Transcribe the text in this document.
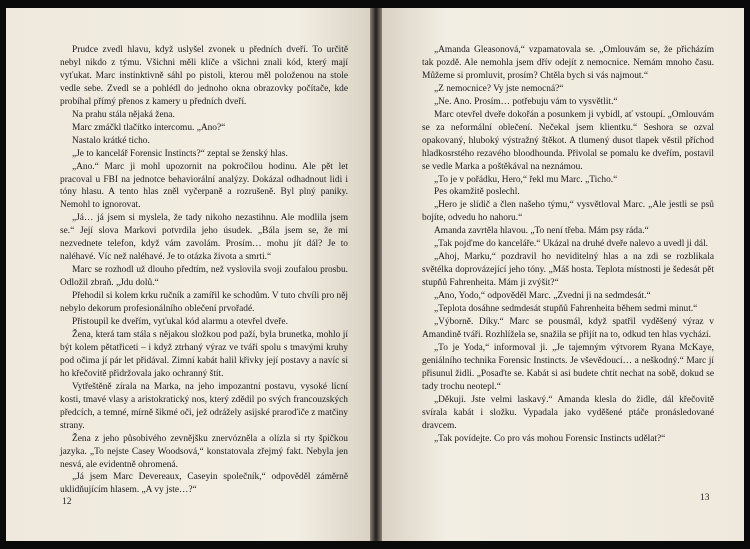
Prudce zvedl hlavu, když uslyšel zvonek u předních dveří. To určitě nebyl nikdo z týmu. Všichni měli klíče a všichni znali kód, který mají vyťukat. Marc instinktivně sáhl po pistoli, kterou měl položenou na stole vedle sebe. Zvedl se a pohlédl do jednoho okna obrazovky počítače, kde probíhal přímý přenos z kamery u předních dveří.

Na prahu stála nějaká žena.

Marc zmáčkl tlačítko intercomu. „Ano?“

Nastalo krátké ticho.

„Je to kancelář Forensic Instincts?“ zeptal se ženský hlas.

„Ano.“ Marc ji mohl upozornit na pokročilou hodinu. Ale pět let pracoval u FBI na jednotce behaviorální analýzy. Dokázal odhadnout lidi i tóny hlasu. A tento hlas zněl vyčerpaně a rozrušeně. Byl plný paniky. Nemohl to ignorovat.

„Já… já jsem si myslela, že tady nikoho nezastihnu. Ale modlila jsem se.“ Její slova Markovi potvrdila jeho úsudek. „Bála jsem se, že mi nezvednete telefon, když vám zavolám. Prosím… mohu jít dál? Je to naléhavé. Víc než naléhavé. Je to otázka života a smrti.“

Marc se rozhodl už dlouho předtím, než vyslovila svoji zoufalou prosbu. Odložil zbraň. „Jdu dolů.“

Přehodil si kolem krku ručník a zamířil ke schodům. V tuto chvíli pro něj nebylo dekorum profesionálního oblečení prvořadé.

Přistoupil ke dveřím, vyťukal kód alarmu a otevřel dveře.

Žena, která tam stála s nějakou složkou pod paží, byla brunetka, mohlo jí být kolem pětatřiceti – i když ztrhaný výraz ve tváři spolu s tmavými kruhy pod očima jí pár let přidával. Zimní kabát halil křivky její postavy a navíc si ho křečovitě přidržovala jako ochranný štít.

Vytřeštěně zírala na Marka, na jeho impozantní postavu, vysoké lícní kosti, tmavé vlasy a aristokratický nos, který zdědil po svých francouzských předcích, a temné, mírně šikmé oči, jež odrážely asijské praroďiče z matčiny strany.

Žena z jeho působivého zevnějšku znervózněla a olízla si rty špičkou jazyka. „To nejste Casey Woodsová,“ konstatovala zřejmý fakt. Nebyla jen nesvá, ale evidentně ohromená.

„Já jsem Marc Devereaux, Caseyin společník,“ odpověděl záměrně uklidňujícím hlasem. „A vy jste…?“

12

„Amanda Gleasonová,“ vzpamatovala se. „Omlouvám se, že přicházím tak pozdě. Ale nemohla jsem dřív odejít z nemocnice. Nemám mnoho času. Můžeme si promluvit, prosím? Chtěla bych si vás najmout.“

„Z nemocnice? Vy jste nemocná?“

„Ne. Ano. Prosím… potřebuju vám to vysvětlit.“

Marc otevřel dveře dokořán a posunkem ji vybídl, ať vstoupí. „Omlouvám se za neformální oblečení. Nečekal jsem klientku.“ Seshora se ozval opakovaný, hluboký výstražný štěkot. A tlumený dusot tlapek věstil příchod hladkosrstého rezavého bloodhounda. Přivolal se pomalu ke dveřím, postavil se vedle Marka a poštěkával na neznámou.

„To je v pořádku, Hero,“ řekl mu Marc. „Ticho.“

Pes okamžitě poslechl.

„Hero je slídič a člen našeho týmu,“ vysvětloval Marc. „Ale jestli se psů bojíte, odvedu ho nahoru.“

Amanda zavrtěla hlavou. „To není třeba. Mám psy ráda.“

„Tak pojďme do kanceláře.“ Ukázal na druhé dveře nalevo a uvedl ji dál.

„Ahoj, Marku,“ pozdravil ho neviditelný hlas a na zdi se rozblikala světélka doprovázející jeho tóny. „Máš hosta. Teplota místnosti je šedesát pět stupňů Fahrenheita. Mám ji zvýšit?“

„Ano, Yodo,“ odpověděl Marc. „Zvedni ji na sedmdesát.“

„Teplota dosáhne sedmdesát stupňů Fahrenheita během sedmi minut.“

„Výborně. Díky.“ Marc se pousmál, když spatřil vyděšený výraz v Amandině tváři. Rozhlížela se, snažila se přijít na to, odkud ten hlas vychází.

„To je Yoda,“ informoval ji. „Je tajemným výtvorem Ryana McKaye, geniálního technika Forensic Instincts. Je vševědoucí… a neškodný.“ Marc jí přisunul židli. „Posaďte se. Kabát si asi budete chtít nechat na sobě, dokud se tady trochu neotepl.“

„Děkuji. Jste velmi laskavý.“ Amanda klesla do židle, dál křečovitě svírala kabát i složku. Vypadala jako vyděšené ptáče pronásledované dravcem.

„Tak povídejte. Co pro vás mohou Forensic Instincts udělat?“

13
